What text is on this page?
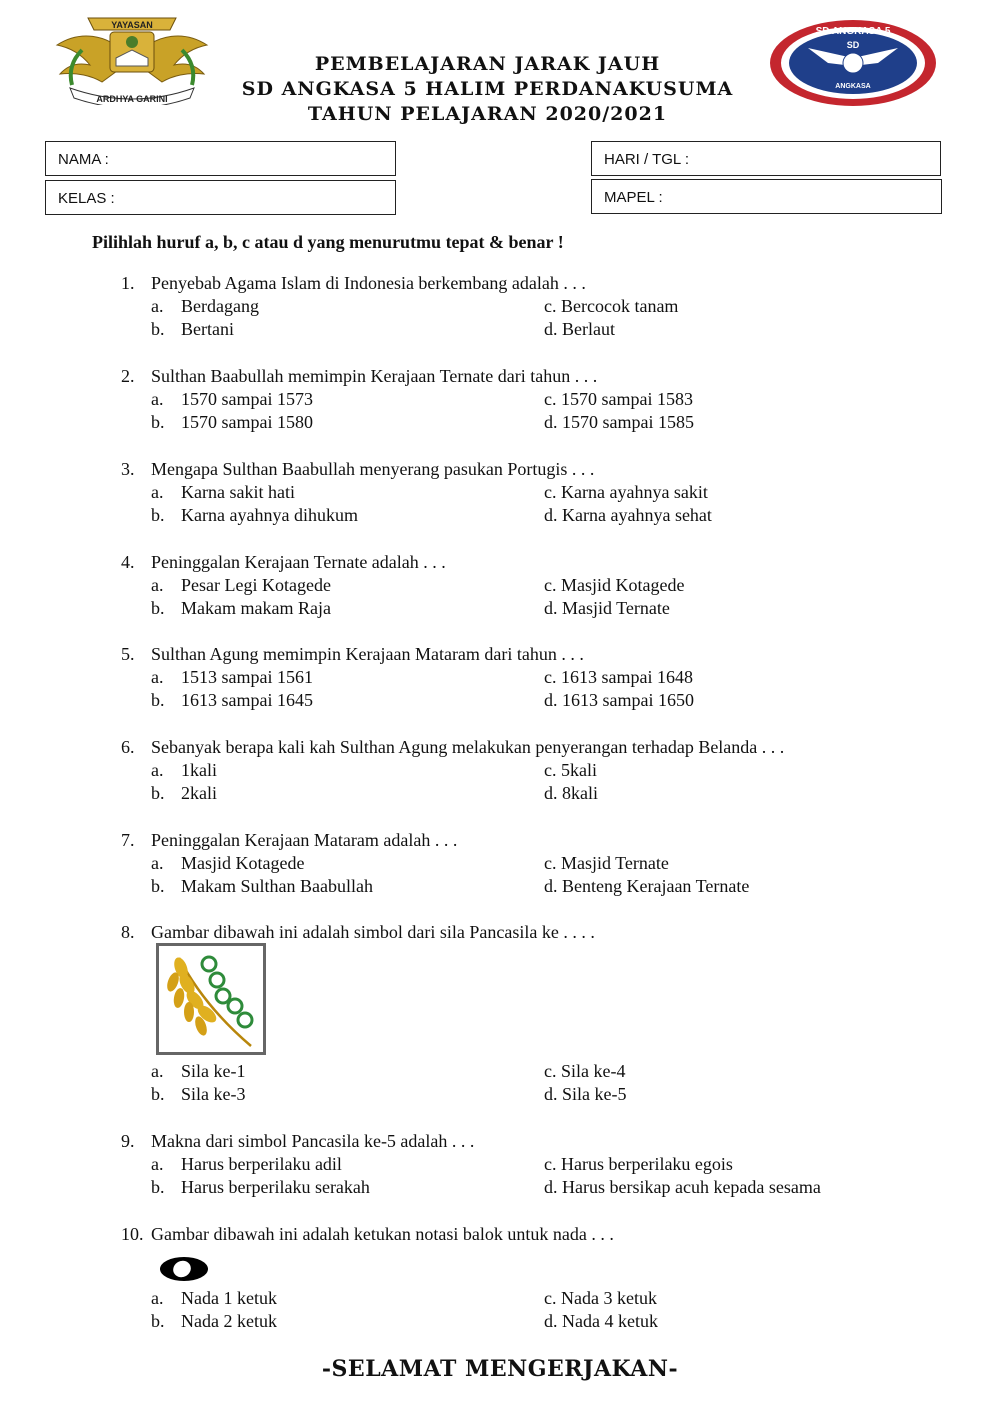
YAYASAN
ARDHYA GARINI
PEMBELAJARAN JARAK JAUH
SD ANGKASA 5 HALIM PERDANAKUSUMA
TAHUN PELAJARAN 2020/2021
SD ANGKASA 5
SD
ANGKASA
NAMA :	HARI / TGL :
KELAS :	MAPEL :
Pilihlah huruf a, b, c atau d yang menurutmu tepat & benar !
1. Penyebab Agama Islam di Indonesia berkembang adalah . . .
a. Berdagang
b. Bertani
c. Bercocok tanam
d. Berlaut
2. Sulthan Baabullah memimpin Kerajaan Ternate dari tahun . . .
a. 1570 sampai 1573
b. 1570 sampai 1580
c. 1570 sampai 1583
d. 1570 sampai 1585
3. Mengapa Sulthan Baabullah menyerang pasukan Portugis . . .
a. Karna sakit hati
b. Karna ayahnya dihukum
c. Karna ayahnya sakit
d. Karna ayahnya sehat
4. Peninggalan Kerajaan Ternate adalah . . .
a. Pesar Legi Kotagede
b. Makam makam Raja
c. Masjid Kotagede
d. Masjid Ternate
5. Sulthan Agung memimpin Kerajaan Mataram dari tahun . . .
a. 1513 sampai 1561
b. 1613 sampai 1645
c. 1613 sampai 1648
d. 1613 sampai 1650
6. Sebanyak berapa kali kah Sulthan Agung melakukan penyerangan terhadap Belanda . . .
a. 1kali
b. 2kali
c. 5kali
d. 8kali
7. Peninggalan Kerajaan Mataram adalah . . .
a. Masjid Kotagede
b. Makam Sulthan Baabullah
c. Masjid Ternate
d. Benteng Kerajaan Ternate
8. Gambar dibawah ini adalah simbol dari sila Pancasila ke . . . .
a. Sila ke-1
b. Sila ke-3
c. Sila ke-4
d. Sila ke-5
9. Makna dari simbol Pancasila ke-5 adalah . . .
a. Harus berperilaku adil
b. Harus berperilaku serakah
c. Harus berperilaku egois
d. Harus bersikap acuh kepada sesama
10. Gambar dibawah ini adalah ketukan notasi balok untuk nada . . .
a. Nada 1 ketuk
b. Nada 2 ketuk
c. Nada 3 ketuk
d. Nada 4 ketuk
-SELAMAT MENGERJAKAN-
